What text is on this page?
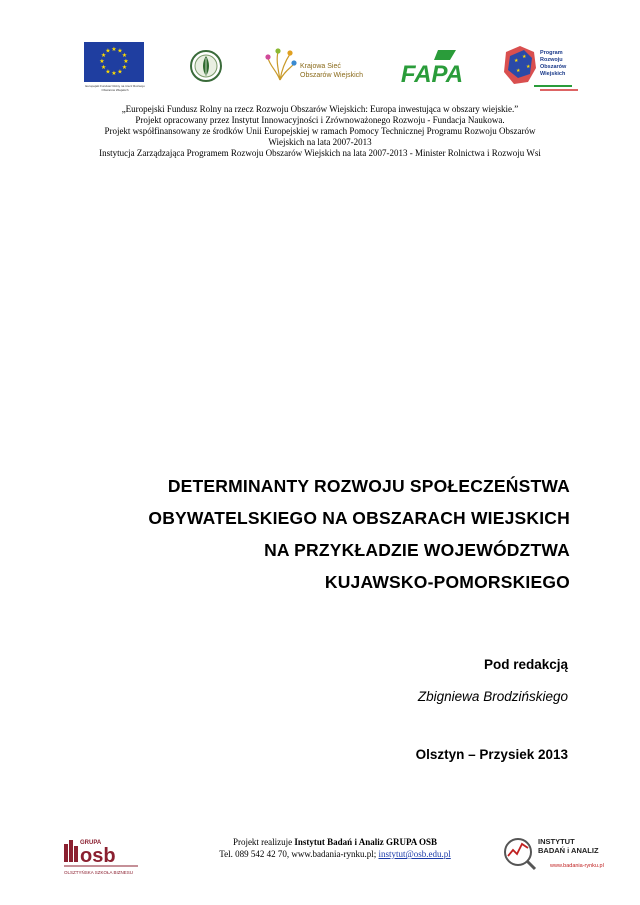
★ ★
★
★
★
★
★
★
★
★
★
★
Europejski Fundusz Rolny na rzecz Rozwoju Obszarów Wiejskich
Krajowa Sieć
Obszarów Wiejskich FAPA	★
★
★
★
Program
Rozwoju
Obszarów
Wiejskich
„Europejski Fundusz Rolny na rzecz Rozwoju Obszarów Wiejskich: Europa inwestująca w obszary wiejskie.”
Projekt opracowany przez Instytut Innowacyjności i Zrównoważonego Rozwoju - Fundacja Naukowa.
Projekt współfinansowany ze środków Unii Europejskiej w ramach Pomocy Technicznej Programu Rozwoju Obszarów
Wiejskich na lata 2007-2013
Instytucja Zarządzająca Programem Rozwoju Obszarów Wiejskich na lata 2007-2013 - Minister Rolnictwa i Rozwoju Wsi
DETERMINANTY ROZWOJU SPOŁECZEŃSTWA
OBYWATELSKIEGO NA OBSZARACH WIEJSKICH
NA PRZYKŁADZIE WOJEWÓDZTWA
KUJAWSKO-POMORSKIEGO
Pod redakcją
Zbigniewa Brodzińskiego
Olsztyn – Przysiek 2013
GRUPA
osb
OLSZTYŃSKA SZKOŁA BIZNESU
Projekt realizuje Instytut Badań i Analiz GRUPA OSB
Tel. 089 542 42 70, www.badania-rynku.pl; instytut@osb.edu.pl
INSTYTUT
BADAŃ i ANALIZ
www.badania-rynku.pl
